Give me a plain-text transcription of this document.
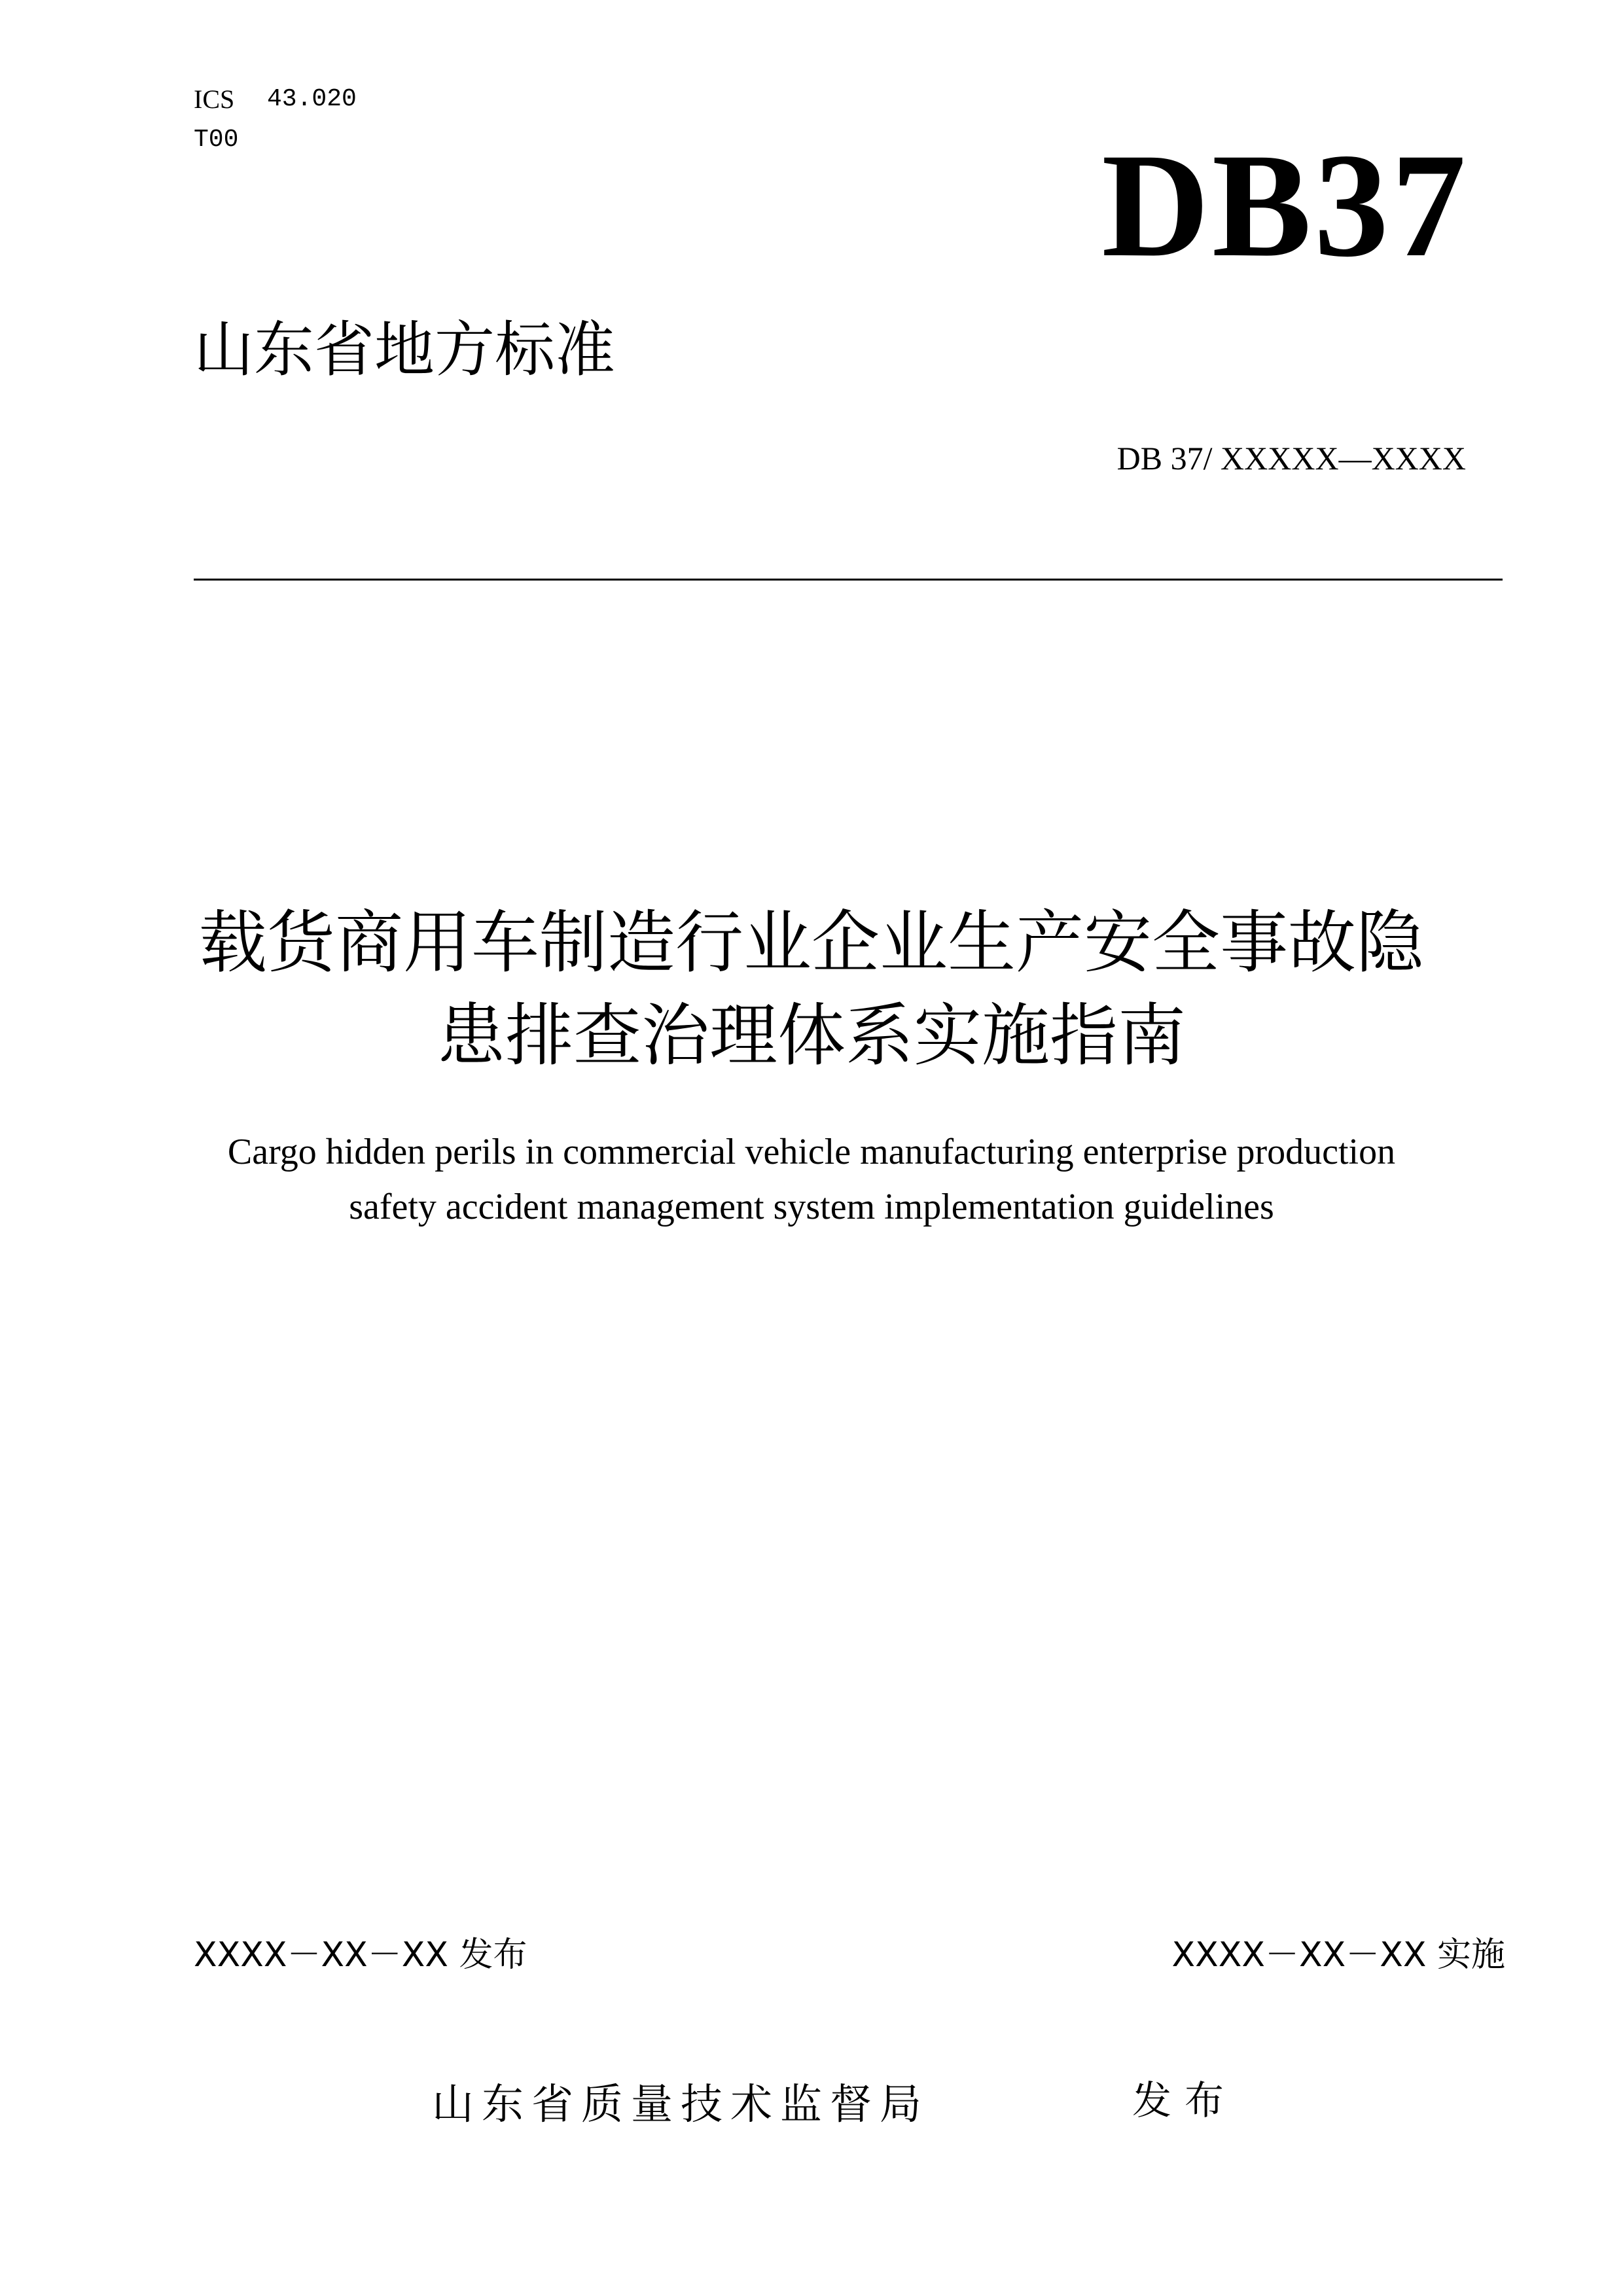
ICS 43.020
T00	DB37
山东省地方标准
DB 37/ XXXXX—XXXX
载货商用车制造行业企业生产安全事故隐
患排查治理体系实施指南
Cargo hidden perils in commercial vehicle manufacturing enterprise production
safety accident management system implementation guidelines
XXXX－XX－XX 发布	XXXX－XX－XX 实施
山东省质量技术监督局	发布
